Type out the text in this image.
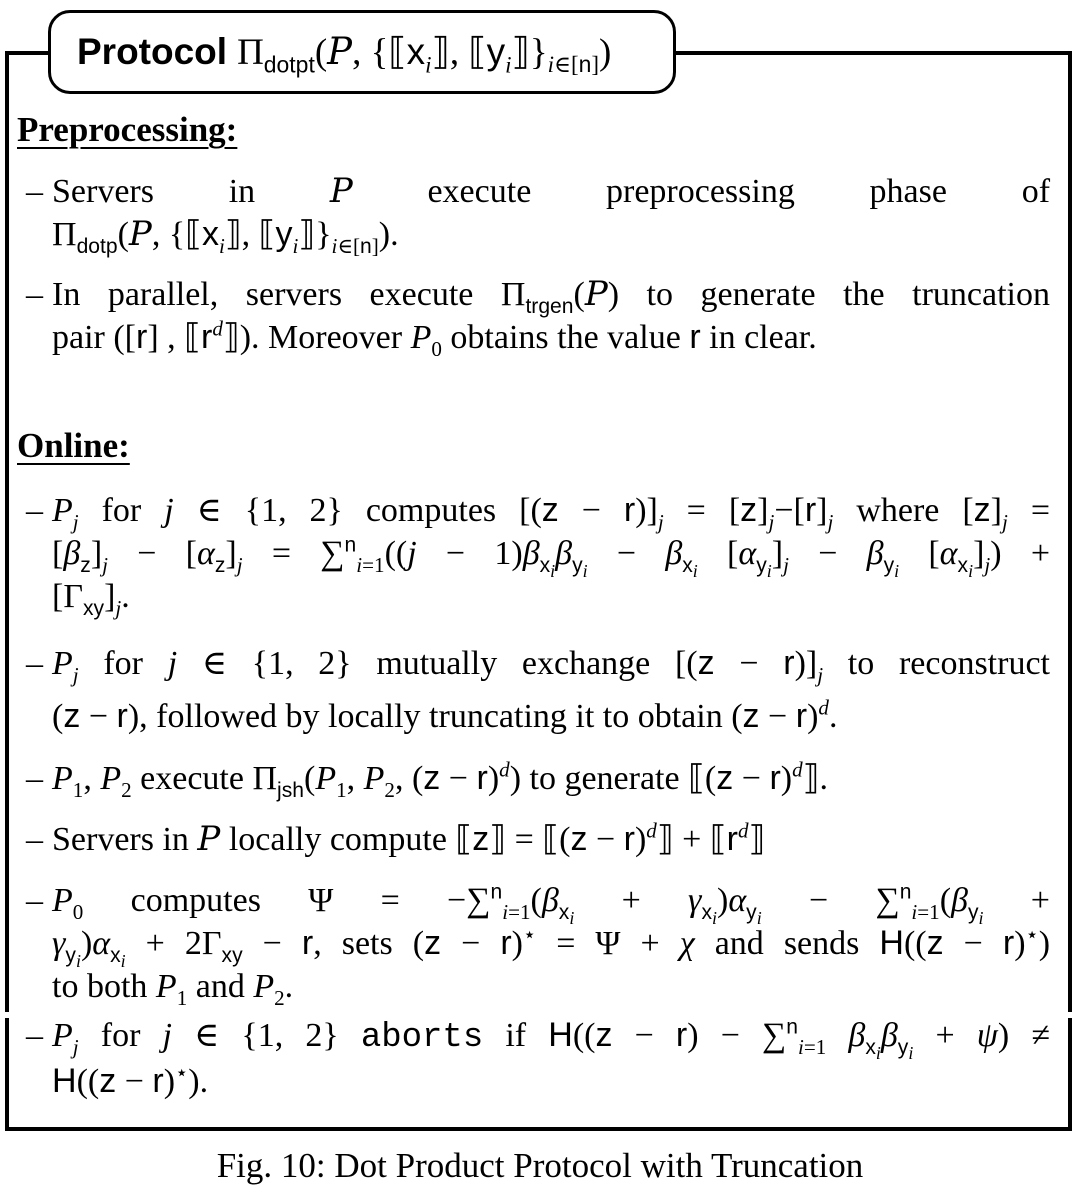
Protocol $\Pi_{dotpt}(P$, {$⟦x_i⟧$, $⟦y_i⟧\}_{i\in[n]}$)
Preprocessing:
– Servers in P execute preprocessing phase of
$\Pi_{dotp}(P$, {$⟦x_i⟧$, $⟦y_i⟧\}_{i\in[n]}$).
– In parallel, servers execute $\Pi_{trgen}(P)$ to generate the truncation
pair ([r] , $⟦r^d⟧$). Moreover $P_0$ obtains the value r in clear.
Online:
– $P_j$ for j ∈ {1, 2} computes $[(z - r)]_j = [z]_j-[r]_j$ where $[z]_j$ =
$[\beta_z]_j - [\alpha_z]_j = \sum^n_{i=1}((j - 1)\beta_{x_i}\beta_{y_i} - \beta_{x_i}$ $[\alpha_{y_i}]_j - \beta_{y_i}$ $[\alpha_{x_i}]_j$) +
$[\Gamma_{xy}]_j$.
– $P_j$ for j ∈ {1, 2} mutually exchange $[(z - r)]_j$ to reconstruct
(z − r), followed by locally truncating it to obtain $(z - r)^d$.
– $P_1$, $P_2$ execute $\Pi_{jsh}(P_1$, $P_2$, $(z - r)^d$) to generate ⟦(z − r)$^d$⟧.
– Servers in P locally compute ⟦z⟧ = ⟦(z − r)$^d$⟧ + $⟦r^d⟧$
– $P_0$ computes $\Psi = -\sum^n_{i=1}(\beta_{x_i} + \gamma_{x_i})\alpha_{y_i} - \sum^n_{i=1}(\beta_{y_i}$ +
$\gamma_{y_i})\alpha_{x_i} + 2\Gamma_{xy} - r$, sets (z − r)⋆ = Ψ + χ and sends H((z − r)⋆)
to both $P_1$ and $P_2$.
– $P_j$ for j ∈ {1, 2} aborts if H((z − r) − ∑$^n_{i=1}$ $\beta_{x_i}\beta_{y_i} + \psi$) ≠
H((z − r)⋆).
Fig. 10: Dot Product Protocol with Truncation
